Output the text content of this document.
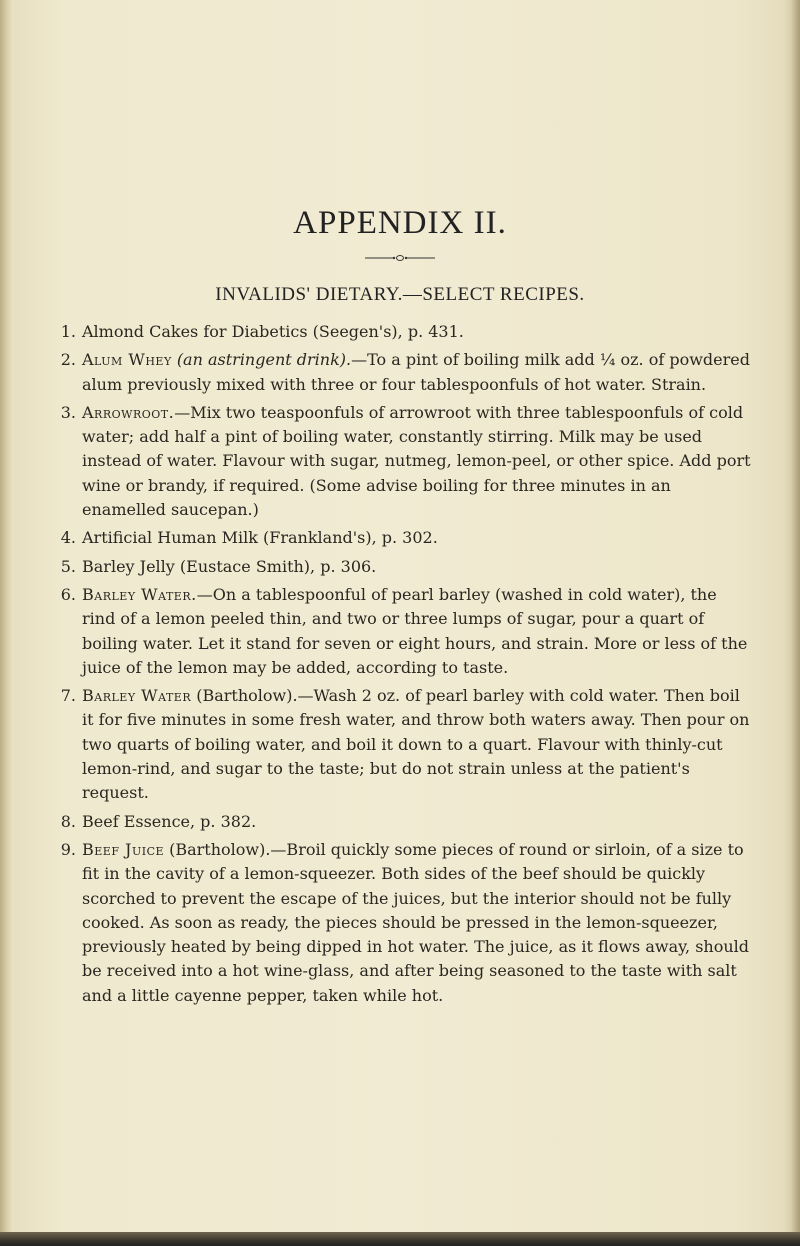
APPENDIX II.
INVALIDS' DIETARY.—SELECT RECIPES.
1 . Almond Cakes for Diabetics (Seegen's), p. 431.
2 . Alum Whey (an astringent drink).—To a pint of boiling milk add ¼ oz. of powdered alum previously mixed with three or four tablespoonfuls of hot water. Strain.
3 . Arrowroot.—Mix two teaspoonfuls of arrowroot with three tablespoonfuls of cold water; add half a pint of boiling water, constantly stirring. Milk may be used instead of water. Flavour with sugar, nutmeg, lemon-peel, or other spice. Add port wine or brandy, if required. (Some advise boiling for three minutes in an enamelled saucepan.)
4 . Artificial Human Milk (Frankland's), p. 302.
5 . Barley Jelly (Eustace Smith), p. 306.
6 . Barley Water.—On a tablespoonful of pearl barley (washed in cold water), the rind of a lemon peeled thin, and two or three lumps of sugar, pour a quart of boiling water. Let it stand for seven or eight hours, and strain. More or less of the juice of the lemon may be added, according to taste.
7 . Barley Water (Bartholow).—Wash 2 oz. of pearl barley with cold water. Then boil it for five minutes in some fresh water, and throw both waters away. Then pour on two quarts of boiling water, and boil it down to a quart. Flavour with thinly-cut lemon-rind, and sugar to the taste; but do not strain unless at the patient's request.
8 . Beef Essence, p. 382.
9 . Beef Juice (Bartholow).—Broil quickly some pieces of round or sirloin, of a size to fit in the cavity of a lemon-squeezer. Both sides of the beef should be quickly scorched to prevent the escape of the juices, but the interior should not be fully cooked. As soon as ready, the pieces should be pressed in the lemon-squeezer, previously heated by being dipped in hot water. The juice, as it flows away, should be received into a hot wine-glass, and after being seasoned to the taste with salt and a little cayenne pepper, taken while hot.
